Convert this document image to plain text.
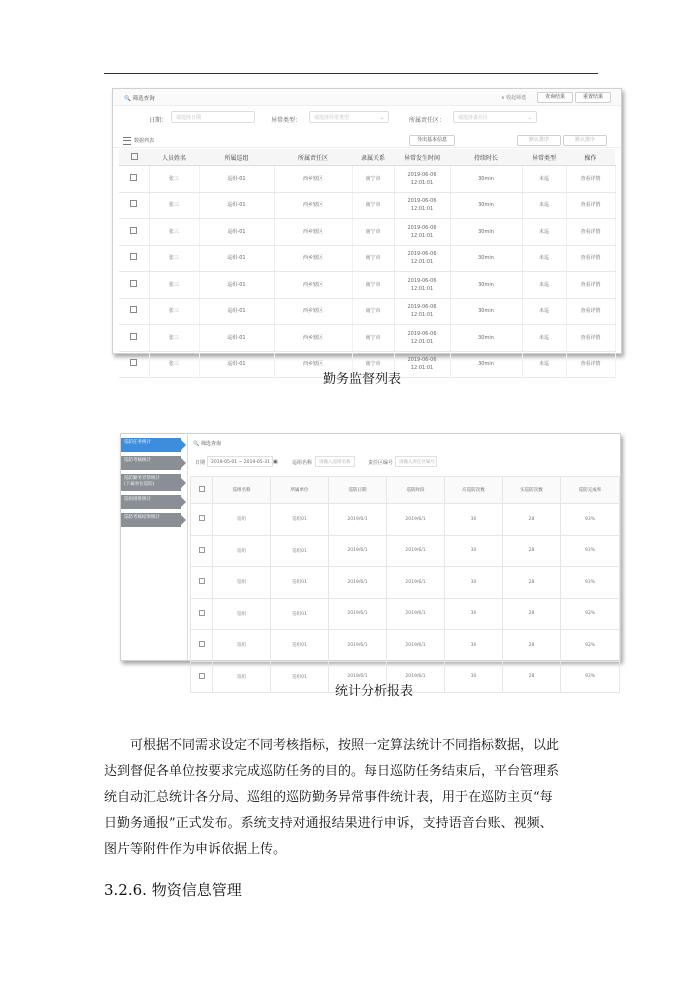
🔍 筛选查询	∧ 收起筛选	查询结果	重置结果
日期：	请选择日期	异常类型：	请选择异常类型	⌄	所属责任区：	请选择责任区	⌄
数据列表	导出基本信息	默认排序	默认排序
	人员姓名	所属巡组	所属责任区	隶属关系	异常发生时间	持续时长	异常类型	操作
	张三	巡组-01	西乡辖区	南宁市	2019-06-06 12:01:01	30min	未巡	查看详情
	张三	巡组-01	西乡辖区	南宁市	2019-06-06 12:01:01	30min	未巡	查看详情
	张三	巡组-01	西乡辖区	南宁市	2019-06-06 12:01:01	30min	未巡	查看详情
	张三	巡组-01	西乡辖区	南宁市	2019-06-06 12:01:01	30min	未巡	查看详情
	张三	巡组-01	西乡辖区	南宁市	2019-06-06 12:01:01	30min	未巡	查看详情
	张三	巡组-01	西乡辖区	南宁市	2019-06-06 12:01:01	30min	未巡	查看详情
	张三	巡组-01	西乡辖区	南宁市	2019-06-06 12:01:01	30min	未巡	查看详情
	张三	巡组-01	西乡辖区	南宁市	2019-06-06 12:01:01	30min	未巡	查看详情
勤务监督列表
巡防任务统计
巡防考核统计
巡防勤务异常统计
(下属单位巡防)
巡组排班统计
巡防考核结果统计
🔍 筛选查询
日期	2019-05-01 ~ 2019-05-31 ▣	巡组名称	请输入巡组名称	责任区编号	请输入责任区编号
	巡组名称	所属单位	巡防日期	巡防时段	应巡防次数	实巡防次数	巡防完成率
	巡组	巡组01	2019/6/1	2019/6/1	30	28	93%
	巡组	巡组01	2019/6/1	2019/6/1	30	28	93%
	巡组	巡组01	2019/6/1	2019/6/1	30	28	93%
	巡组	巡组01	2019/6/1	2019/6/1	30	28	93%
	巡组	巡组01	2019/6/1	2019/6/1	30	28	93%
	巡组	巡组01	2019/6/1	2019/6/1	30	28	93%
统计分析报表
可根据不同需求设定不同考核指标，按照一定算法统计不同指标数据，以此
达到督促各单位按要求完成巡防任务的目的。每日巡防任务结束后，平台管理系
统自动汇总统计各分局、巡组的巡防勤务异常事件统计表，用于在巡防主页“每
日勤务通报”正式发布。系统支持对通报结果进行申诉，支持语音台账、视频、
图片等附件作为申诉依据上传。
3.2.6. 物资信息管理
